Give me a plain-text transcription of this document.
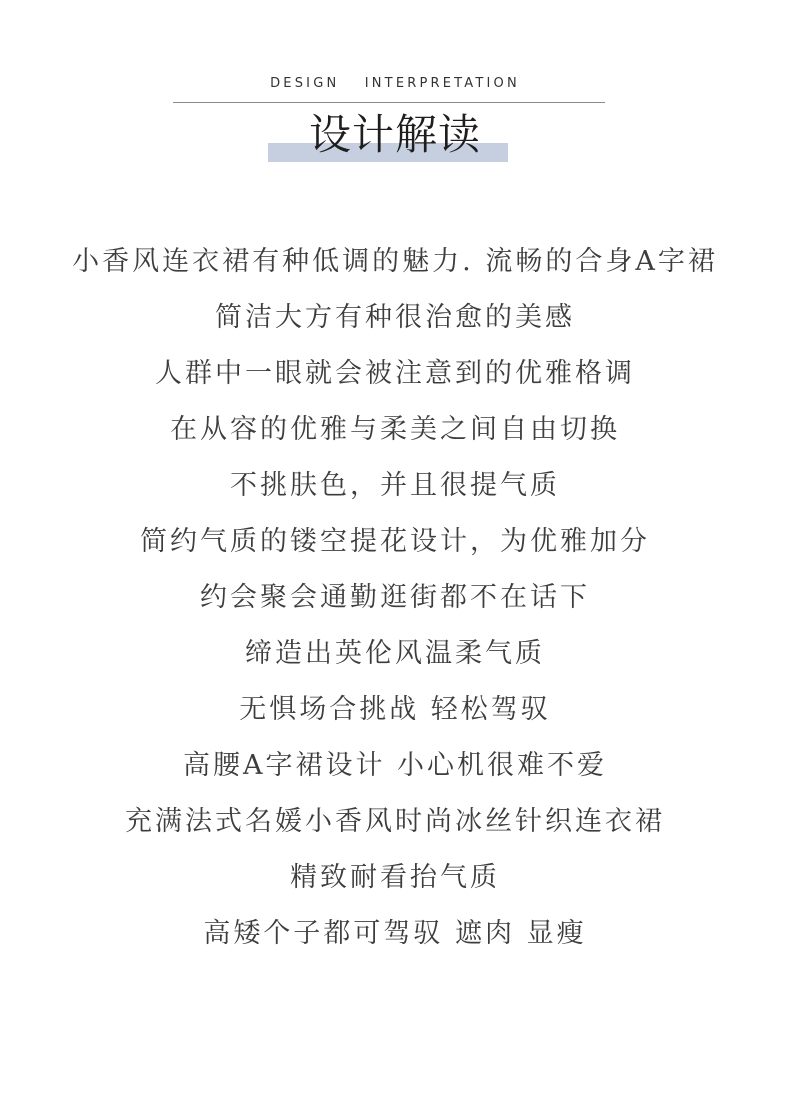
DESIGN INTERPRETATION
设计解读
小香风连衣裙有种低调的魅力. 流畅的合身A字裙
简洁大方有种很治愈的美感
人群中一眼就会被注意到的优雅格调
在从容的优雅与柔美之间自由切换
不挑肤色，并且很提气质
简约气质的镂空提花设计，为优雅加分
约会聚会通勤逛街都不在话下
缔造出英伦风温柔气质
无惧场合挑战 轻松驾驭
高腰A字裙设计 小心机很难不爱
充满法式名媛小香风时尚冰丝针织连衣裙
精致耐看抬气质
高矮个子都可驾驭 遮肉 显瘦
